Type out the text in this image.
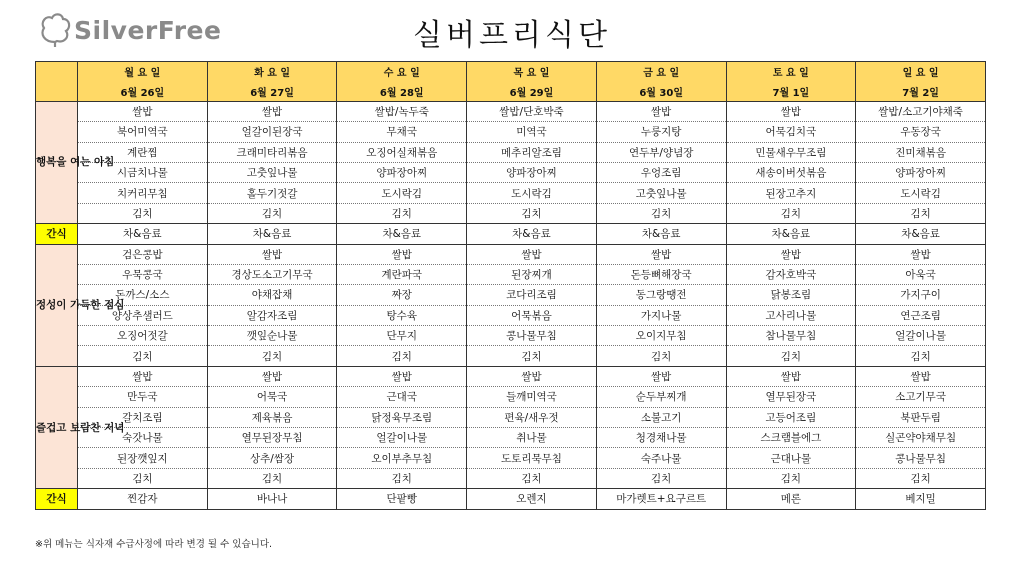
SilverFree	실버프리식단
	월 요 일	화 요 일	수 요 일	목 요 일	금 요 일	토 요 일	일 요 일
	6월 26일	6월 27일	6월 28일	6월 29일	6월 30일	7월 1일	7월 2일
행복을 여는 아침	쌀밥	쌀밥	쌀밥/녹두죽	쌀밥/단호박죽	쌀밥	쌀밥	쌀밥/소고기야채죽
	북어미역국	얼갈이된장국	무채국	미역국	누룽지탕	어묵김치국	우동장국
	계란찜	크래미타리볶음	오징어실채볶음	메추리알조림	연두부/양념장	민물새우무조림	진미채볶음
	시금치나물	고춧잎나물	양파장아찌	양파장아찌	우엉조림	새송이버섯볶음	양파장아찌
	치커리무침	홀두기젓갈	도시락김	도시락김	고춧잎나물	된장고추지	도시락김
	김치	김치	김치	김치	김치	김치	김치
간식	차&음료	차&음료	차&음료	차&음료	차&음료	차&음료	차&음료
정성이 가득한 점심	검은콩밥	쌀밥	쌀밥	쌀밥	쌀밥	쌀밥	쌀밥
	우묵콩국	경상도소고기무국	계란파국	된장찌개	돈등뼈해장국	감자호박국	아욱국
	돈까스/소스	야채잡채	짜장	코다리조림	동그랑땡전	닭봉조림	가지구이
	양상추샐러드	알감자조림	탕수육	어묵볶음	가지나물	고사리나물	연근조림
	오징어젓갈	깻잎순나물	단무지	콩나물무침	오이지무침	참나물무침	얼갈이나물
	김치	김치	김치	김치	김치	김치	김치
즐겁고 보람찬 저녁	쌀밥	쌀밥	쌀밥	쌀밥	쌀밥	쌀밥	쌀밥
	만두국	어묵국	근대국	들깨미역국	순두부찌개	열무된장국	소고기무국
	갈치조림	제육볶음	닭정육무조림	편육/새우젓	소불고기	고등어조림	북판두림
	숙갓나물	열무된장무침	얼갈이나물	취나물	청경채나물	스크램블에그	실곤약야채무침
	된장깻잎지	상추/쌈장	오이부추무침	도토리묵무침	숙주나물	근대나물	콩나물무침
	김치	김치	김치	김치	김치	김치	김치
간식	찐감자	바나나	단팥빵	오렌지	마가렛트+요구르트	메론	베지밀
※위 메뉴는 식자재 수급사정에 따라 변경 될 수 있습니다.
